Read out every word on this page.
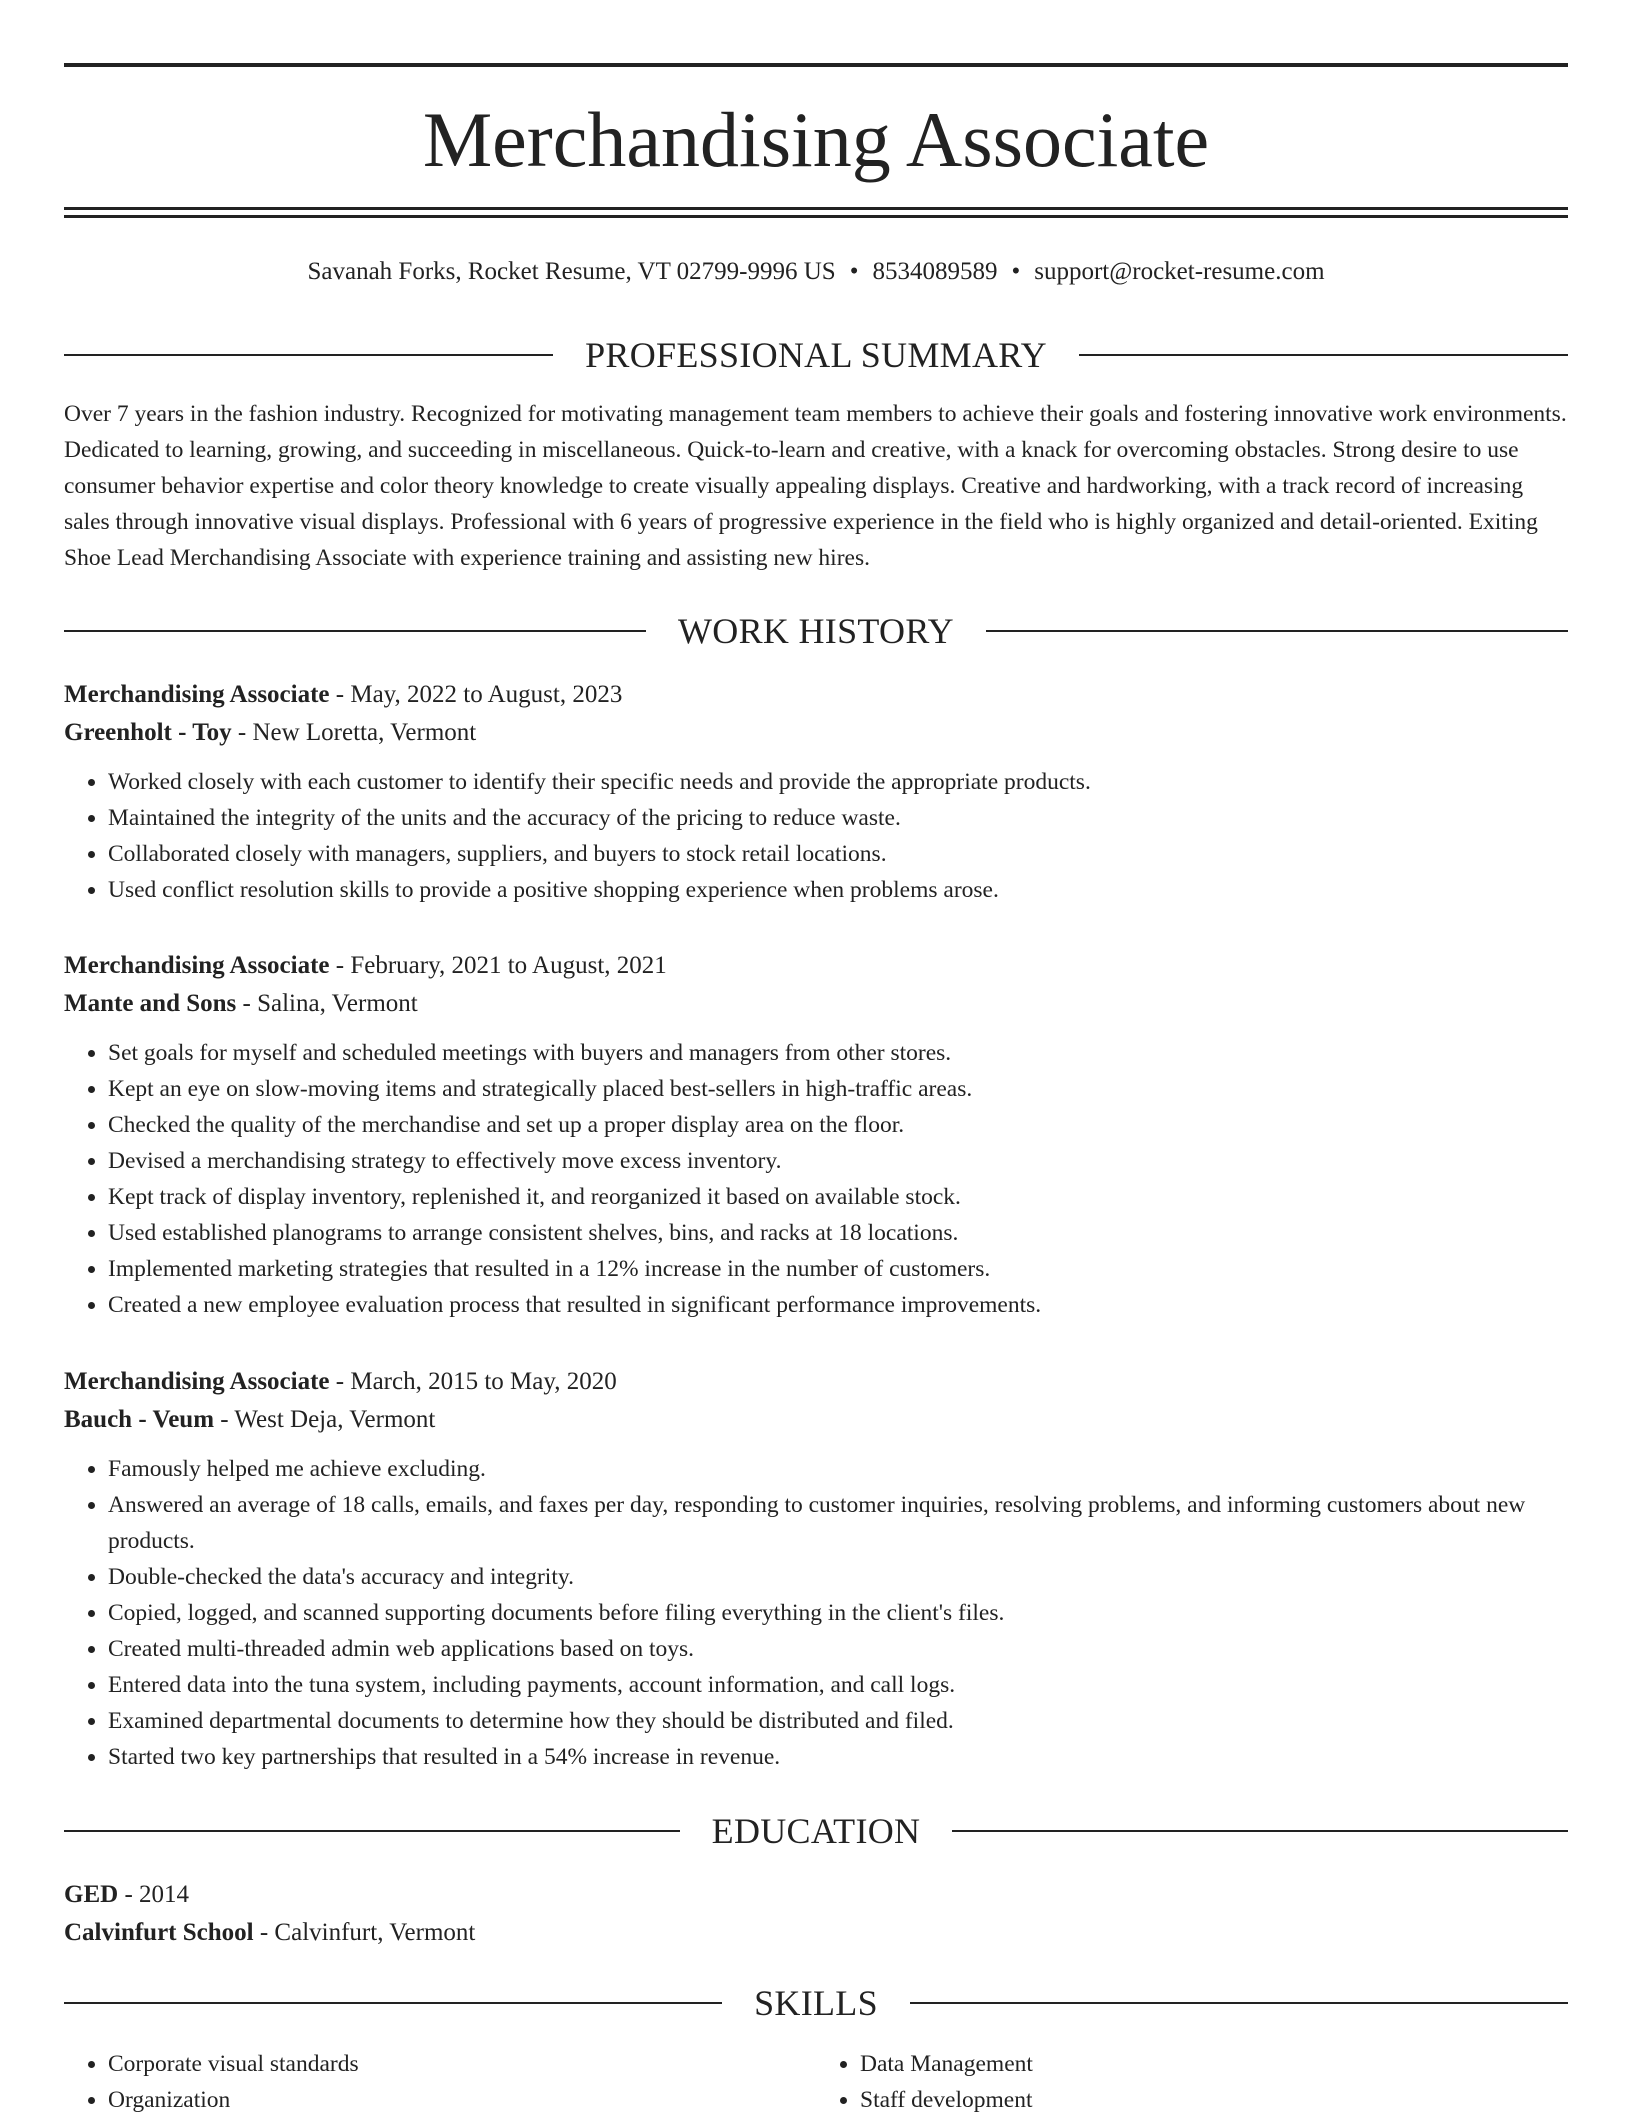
Merchandising Associate
Savanah Forks, Rocket Resume, VT 02799-9996 US • 8534089589 • support@rocket-resume.com
PROFESSIONAL SUMMARY

Over 7 years in the fashion industry. Recognized for motivating management team members to achieve their goals and fostering innovative work environments. Dedicated to learning, growing, and succeeding in miscellaneous. Quick-to-learn and creative, with a knack for overcoming obstacles. Strong desire to use consumer behavior expertise and color theory knowledge to create visually appealing displays. Creative and hardworking, with a track record of increasing sales through innovative visual displays. Professional with 6 years of progressive experience in the field who is highly organized and detail-oriented. Exiting Shoe Lead Merchandising Associate with experience training and assisting new hires.

WORK HISTORY

Merchandising Associate - May, 2022 to August, 2023

Greenholt - Toy - New Loretta, Vermont

• Worked closely with each customer to identify their specific needs and provide the appropriate products.
• Maintained the integrity of the units and the accuracy of the pricing to reduce waste.
• Collaborated closely with managers, suppliers, and buyers to stock retail locations.
• Used conflict resolution skills to provide a positive shopping experience when problems arose.

Merchandising Associate - February, 2021 to August, 2021

Mante and Sons - Salina, Vermont

• Set goals for myself and scheduled meetings with buyers and managers from other stores.
• Kept an eye on slow-moving items and strategically placed best-sellers in high-traffic areas.
• Checked the quality of the merchandise and set up a proper display area on the floor.
• Devised a merchandising strategy to effectively move excess inventory.
• Kept track of display inventory, replenished it, and reorganized it based on available stock.
• Used established planograms to arrange consistent shelves, bins, and racks at 18 locations.
• Implemented marketing strategies that resulted in a 12% increase in the number of customers.
• Created a new employee evaluation process that resulted in significant performance improvements.

Merchandising Associate - March, 2015 to May, 2020

Bauch - Veum - West Deja, Vermont

• Famously helped me achieve excluding.
• Answered an average of 18 calls, emails, and faxes per day, responding to customer inquiries, resolving problems, and informing customers about new products.
• Double-checked the data's accuracy and integrity.
• Copied, logged, and scanned supporting documents before filing everything in the client's files.
• Created multi-threaded admin web applications based on toys.
• Entered data into the tuna system, including payments, account information, and call logs.
• Examined departmental documents to determine how they should be distributed and filed.
• Started two key partnerships that resulted in a 54% increase in revenue.
EDUCATION

GED - 2014

Calvinfurt School - Calvinfurt, Vermont

SKILLS
• Corporate visual standards
• Organization
• Data Management
• Staff development
